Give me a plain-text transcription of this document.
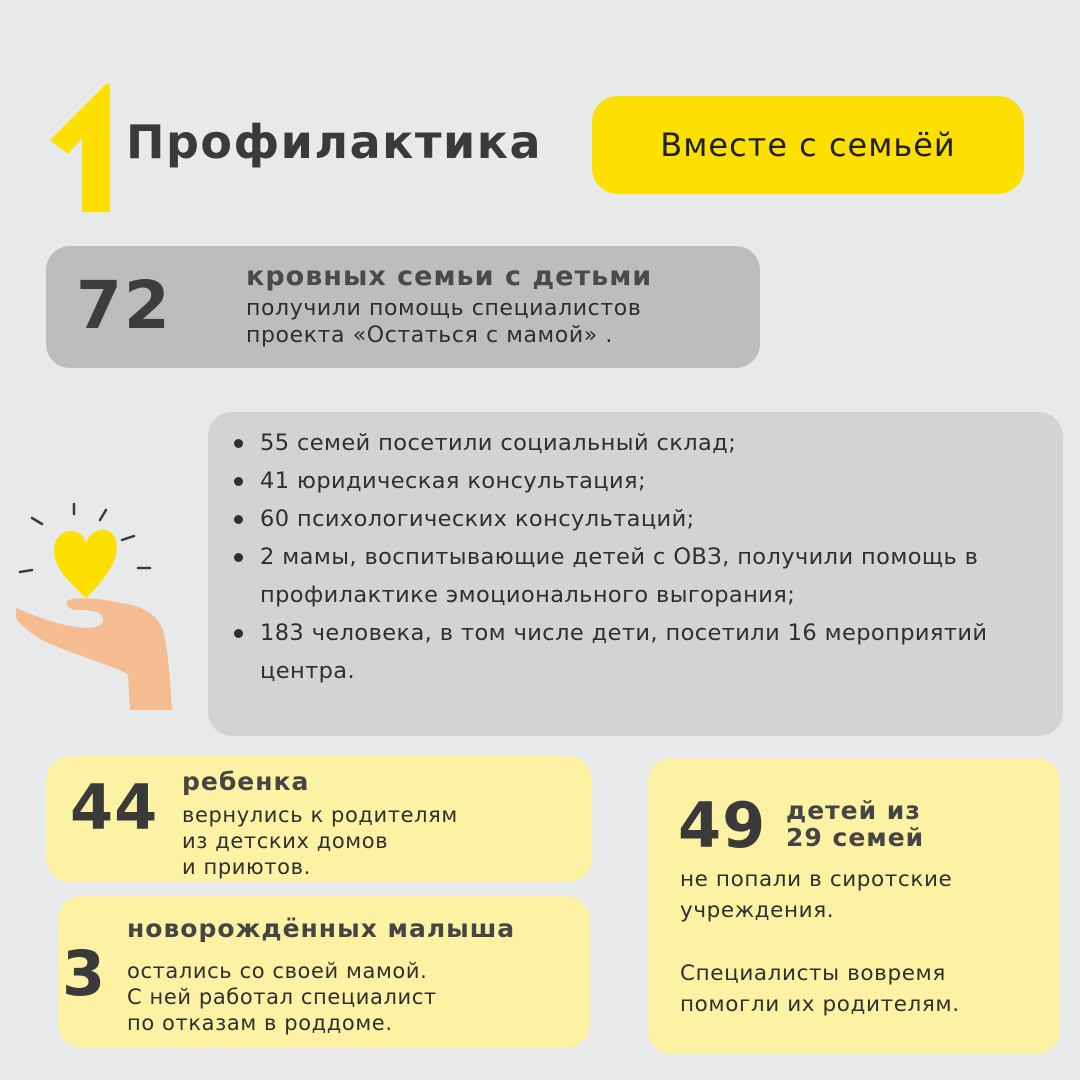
Профилактика	Вместе с семьёй
72	кровных семьи с детьми
получили помощь специалистов
проекта «Остаться с мамой» .
55 семей посетили социальный склад;
41 юридическая консультация;
60 психологических консультаций;
2 мамы, воспитывающие детей с ОВЗ, получили помощь в профилактике эмоционального выгорания;
183 человека, в том числе дети, посетили 16 мероприятий центра.
44 ребенка
вернулись к родителям
из детских домов
и приютов.
3
новорождённых малыша
остались со своей мамой.
С ней работал специалист
по отказам в роддоме.
49 детей из
29 семей
не попали в сиротские
учреждения.
Специалисты вовремя
помогли их родителям.
